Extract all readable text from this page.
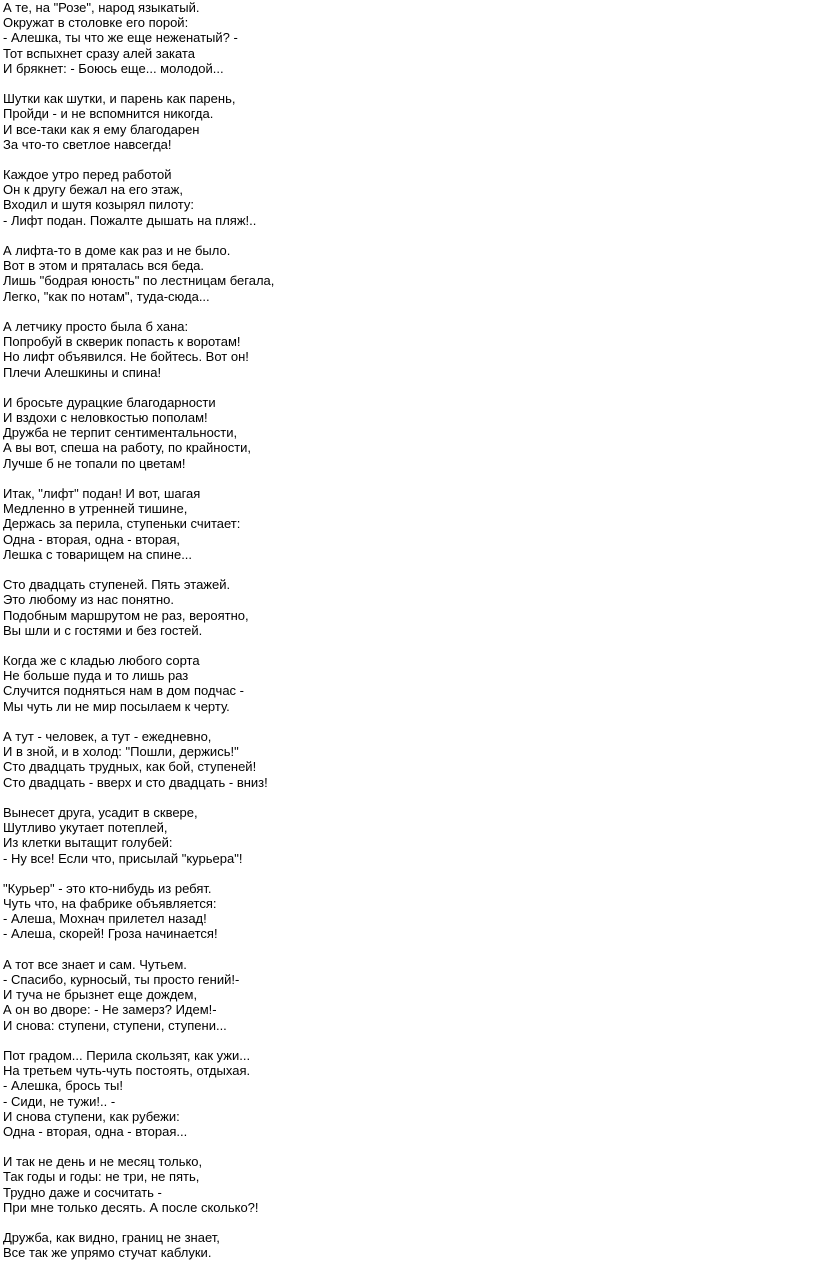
А те, на "Розе", народ языкатый.
Окружат в столовке его порой:
- Алешка, ты что же еще неженатый? -
Тот вспыхнет сразу алей заката
И брякнет: - Боюсь еще... молодой...
Шутки как шутки, и парень как парень,
Пройди - и не вспомнится никогда.
И все-таки как я ему благодарен
За что-то светлое навсегда!
Каждое утро перед работой
Он к другу бежал на его этаж,
Входил и шутя козырял пилоту:
- Лифт подан. Пожалте дышать на пляж!..
А лифта-то в доме как раз и не было.
Вот в этом и пряталась вся беда.
Лишь "бодрая юность" по лестницам бегала,
Легко, "как по нотам", туда-сюда...
А летчику просто была б хана:
Попробуй в скверик попасть к воротам!
Но лифт объявился. Не бойтесь. Вот он!
Плечи Алешкины и спина!
И бросьте дурацкие благодарности
И вздохи с неловкостью пополам!
Дружба не терпит сентиментальности,
А вы вот, спеша на работу, по крайности,
Лучше б не топали по цветам!
Итак, "лифт" подан! И вот, шагая
Медленно в утренней тишине,
Держась за перила, ступеньки считает:
Одна - вторая, одна - вторая,
Лешка с товарищем на спине...
Сто двадцать ступеней. Пять этажей.
Это любому из нас понятно.
Подобным маршрутом не раз, вероятно,
Вы шли и с гостями и без гостей.
Когда же с кладью любого сорта
Не больше пуда и то лишь раз
Случится подняться нам в дом подчас -
Мы чуть ли не мир посылаем к черту.
А тут - человек, а тут - ежедневно,
И в зной, и в холод: "Пошли, держись!"
Сто двадцать трудных, как бой, ступеней!
Сто двадцать - вверх и сто двадцать - вниз!
Вынесет друга, усадит в сквере,
Шутливо укутает потеплей,
Из клетки вытащит голубей:
- Ну все! Если что, присылай "курьера"!
"Курьер" - это кто-нибудь из ребят.
Чуть что, на фабрике объявляется:
- Алеша, Мохнач прилетел назад!
- Алеша, скорей! Гроза начинается!
А тот все знает и сам. Чутьем.
- Спасибо, курносый, ты просто гений!-
И туча не брызнет еще дождем,
А он во дворе: - Не замерз? Идем!-
И снова: ступени, ступени, ступени...
Пот градом... Перила скользят, как ужи...
На третьем чуть-чуть постоять, отдыхая.
- Алешка, брось ты!
- Сиди, не тужи!.. -
И снова ступени, как рубежи:
Одна - вторая, одна - вторая...
И так не день и не месяц только,
Так годы и годы: не три, не пять,
Трудно даже и сосчитать -
При мне только десять. А после сколько?!
Дружба, как видно, границ не знает,
Все так же упрямо стучат каблуки.
